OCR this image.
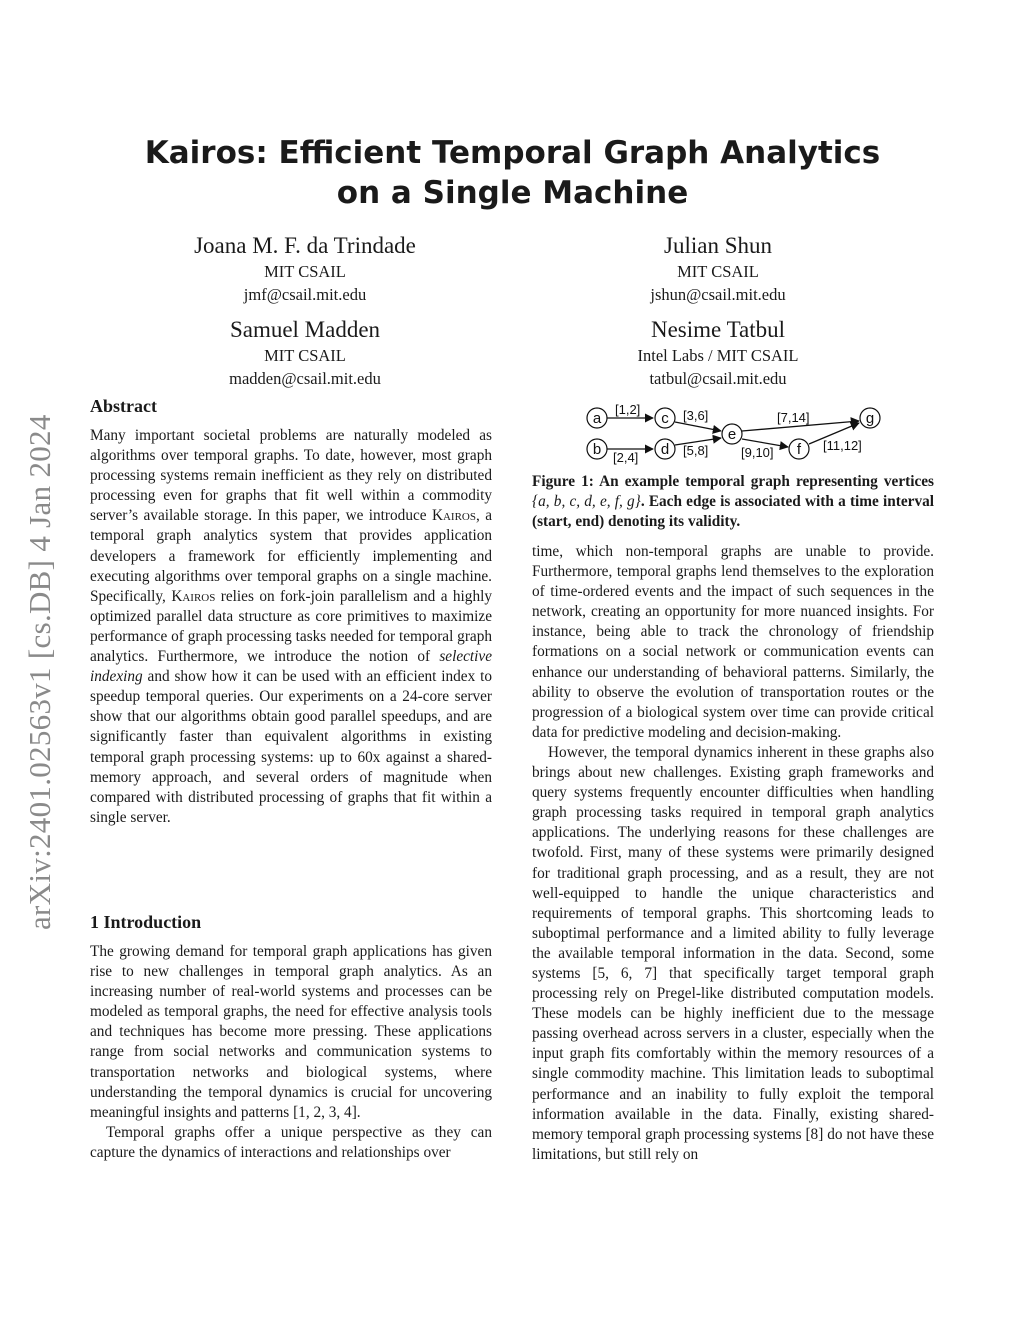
arXiv:2401.02563v1 [cs.DB] 4 Jan 2024
Kairos: Efficient Temporal Graph Analytics
on a Single Machine
Joana M. F. da Trindade
MIT CSAIL
jmf@csail.mit.edu
Julian Shun
MIT CSAIL
jshun@csail.mit.edu
Samuel Madden
MIT CSAIL
madden@csail.mit.edu
Nesime Tatbul
Intel Labs / MIT CSAIL
tatbul@csail.mit.edu
Abstract

Many important societal problems are naturally modeled as algorithms over temporal graphs. To date, however, most graph processing systems remain inefficient as they rely on distributed processing even for graphs that fit well within a commodity server’s available storage. In this paper, we introduce Kairos, a temporal graph analytics system that provides application developers a framework for efficiently implementing and executing algorithms over temporal graphs on a single machine. Specifically, Kairos relies on fork-join parallelism and a highly optimized parallel data structure as core primitives to maximize performance of graph processing tasks needed for temporal graph analytics. Furthermore, we introduce the notion of selective indexing and show how it can be used with an efficient index to speedup temporal queries. Our experiments on a 24-core server show that our algorithms obtain good parallel speedups, and are significantly faster than equivalent algorithms in existing temporal graph processing systems: up to 60x against a shared-memory approach, and several orders of magnitude when compared with distributed processing of graphs that fit within a single server.

1 Introduction

The growing demand for temporal graph applications has given rise to new challenges in temporal graph analytics. As an increasing number of real-world systems and processes can be modeled as temporal graphs, the need for effective analysis tools and techniques has become more pressing. These applications range from social networks and communication systems to transportation networks and biological systems, where understanding the temporal dynamics is crucial for uncovering meaningful insights and patterns [1, 2, 3, 4].

Temporal graphs offer a unique perspective as they can capture the dynamics of interactions and relationships over

[1,2]
[2,4]
[3,6]
[5,8]
[7,14]
[9,10]	[11,12]
a
b
c
d
e
f
g
Figure 1: An example temporal graph representing vertices {a, b, c, d, e, f, g}. Each edge is associated with a time interval (start, end) denoting its validity.

time, which non-temporal graphs are unable to provide. Furthermore, temporal graphs lend themselves to the exploration of time-ordered events and the impact of such sequences in the network, creating an opportunity for more nuanced insights. For instance, being able to track the chronology of friendship formations on a social network or communication events can enhance our understanding of behavioral patterns. Similarly, the ability to observe the evolution of transportation routes or the progression of a biological system over time can provide critical data for predictive modeling and decision-making.

However, the temporal dynamics inherent in these graphs also brings about new challenges. Existing graph frameworks and query systems frequently encounter difficulties when handling graph processing tasks required in temporal graph analytics applications. The underlying reasons for these challenges are twofold. First, many of these systems were primarily designed for traditional graph processing, and as a result, they are not well-equipped to handle the unique characteristics and requirements of temporal graphs. This shortcoming leads to suboptimal performance and a limited ability to fully leverage the available temporal information in the data. Second, some systems [5, 6, 7] that specifically target temporal graph processing rely on Pregel-like distributed computation models. These models can be highly inefficient due to the message passing overhead across servers in a cluster, especially when the input graph fits comfortably within the memory resources of a single commodity machine. This limitation leads to suboptimal performance and an inability to fully exploit the temporal information available in the data. Finally, existing shared-memory temporal graph processing systems [8] do not have these limitations, but still rely on
